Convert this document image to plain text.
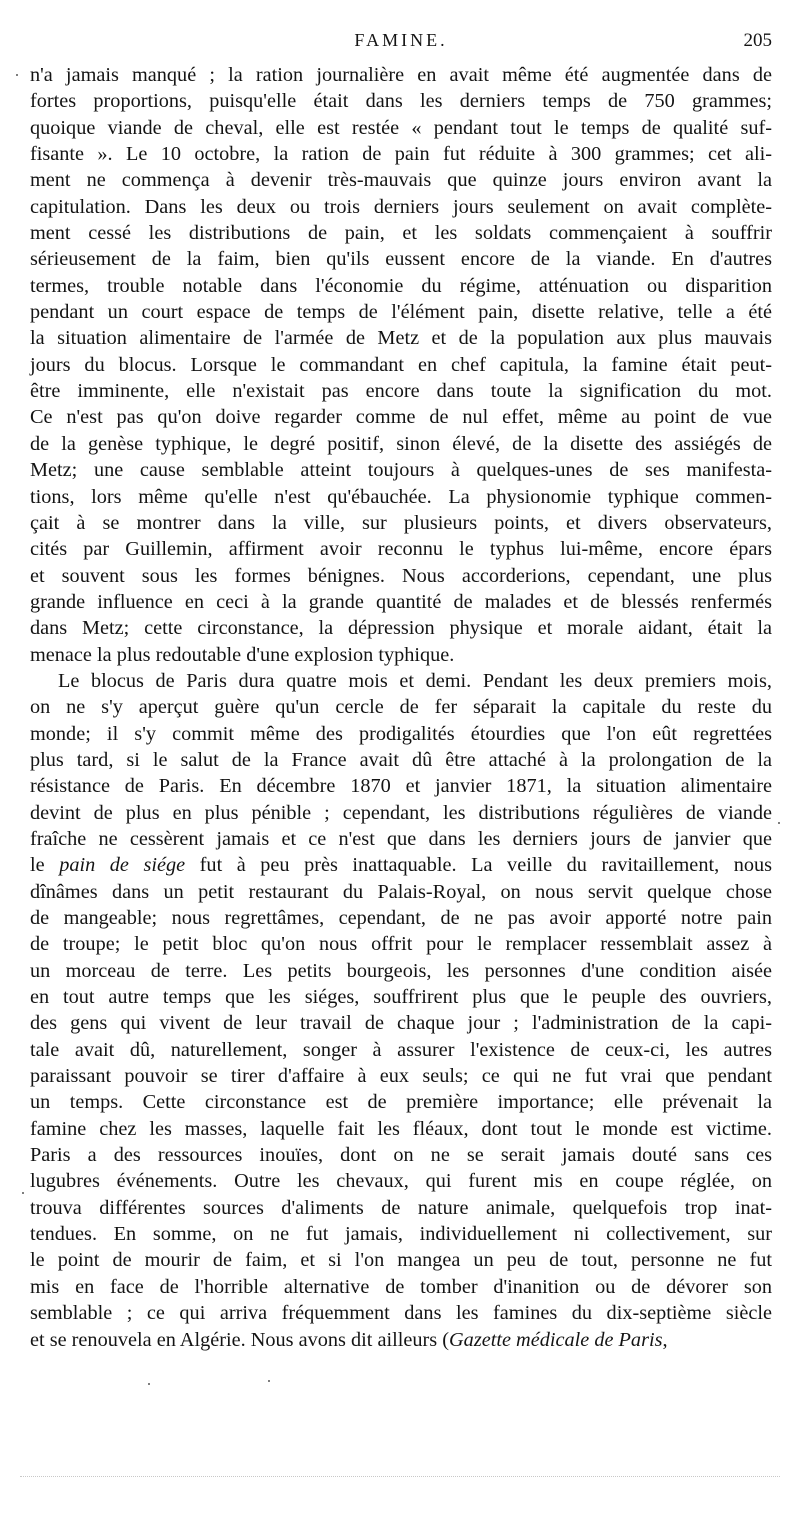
FAMINE.	205
n'a jamais manqué ; la ration journalière en avait même été augmentée dans de
fortes proportions, puisqu'elle était dans les derniers temps de 750 grammes;
quoique viande de cheval, elle est restée « pendant tout le temps de qualité suf-
fisante ». Le 10 octobre, la ration de pain fut réduite à 300 grammes; cet ali-
ment ne commença à devenir très-mauvais que quinze jours environ avant la
capitulation. Dans les deux ou trois derniers jours seulement on avait complète-
ment cessé les distributions de pain, et les soldats commençaient à souffrir
sérieusement de la faim, bien qu'ils eussent encore de la viande. En d'autres
termes, trouble notable dans l'économie du régime, atténuation ou disparition
pendant un court espace de temps de l'élément pain, disette relative, telle a été
la situation alimentaire de l'armée de Metz et de la population aux plus mauvais
jours du blocus. Lorsque le commandant en chef capitula, la famine était peut-
être imminente, elle n'existait pas encore dans toute la signification du mot.
Ce n'est pas qu'on doive regarder comme de nul effet, même au point de vue
de la genèse typhique, le degré positif, sinon élevé, de la disette des assiégés de
Metz; une cause semblable atteint toujours à quelques-unes de ses manifesta-
tions, lors même qu'elle n'est qu'ébauchée. La physionomie typhique commen-
çait à se montrer dans la ville, sur plusieurs points, et divers observateurs,
cités par Guillemin, affirment avoir reconnu le typhus lui-même, encore épars
et souvent sous les formes bénignes. Nous accorderions, cependant, une plus
grande influence en ceci à la grande quantité de malades et de blessés renfermés
dans Metz; cette circonstance, la dépression physique et morale aidant, était la
menace la plus redoutable d'une explosion typhique.
Le blocus de Paris dura quatre mois et demi. Pendant les deux premiers mois,
on ne s'y aperçut guère qu'un cercle de fer séparait la capitale du reste du
monde; il s'y commit même des prodigalités étourdies que l'on eût regrettées
plus tard, si le salut de la France avait dû être attaché à la prolongation de la
résistance de Paris. En décembre 1870 et janvier 1871, la situation alimentaire
devint de plus en plus pénible ; cependant, les distributions régulières de viande
fraîche ne cessèrent jamais et ce n'est que dans les derniers jours de janvier que
le pain de siége fut à peu près inattaquable. La veille du ravitaillement, nous
dînâmes dans un petit restaurant du Palais-Royal, on nous servit quelque chose
de mangeable; nous regrettâmes, cependant, de ne pas avoir apporté notre pain
de troupe; le petit bloc qu'on nous offrit pour le remplacer ressemblait assez à
un morceau de terre. Les petits bourgeois, les personnes d'une condition aisée
en tout autre temps que les siéges, souffrirent plus que le peuple des ouvriers,
des gens qui vivent de leur travail de chaque jour ; l'administration de la capi-
tale avait dû, naturellement, songer à assurer l'existence de ceux-ci, les autres
paraissant pouvoir se tirer d'affaire à eux seuls; ce qui ne fut vrai que pendant
un temps. Cette circonstance est de première importance; elle prévenait la
famine chez les masses, laquelle fait les fléaux, dont tout le monde est victime.
Paris a des ressources inouïes, dont on ne se serait jamais douté sans ces
lugubres événements. Outre les chevaux, qui furent mis en coupe réglée, on
trouva différentes sources d'aliments de nature animale, quelquefois trop inat-
tendues. En somme, on ne fut jamais, individuellement ni collectivement, sur
le point de mourir de faim, et si l'on mangea un peu de tout, personne ne fut
mis en face de l'horrible alternative de tomber d'inanition ou de dévorer son
semblable ; ce qui arriva fréquemment dans les famines du dix-septième siècle
et se renouvela en Algérie. Nous avons dit ailleurs (Gazette médicale de Paris,
